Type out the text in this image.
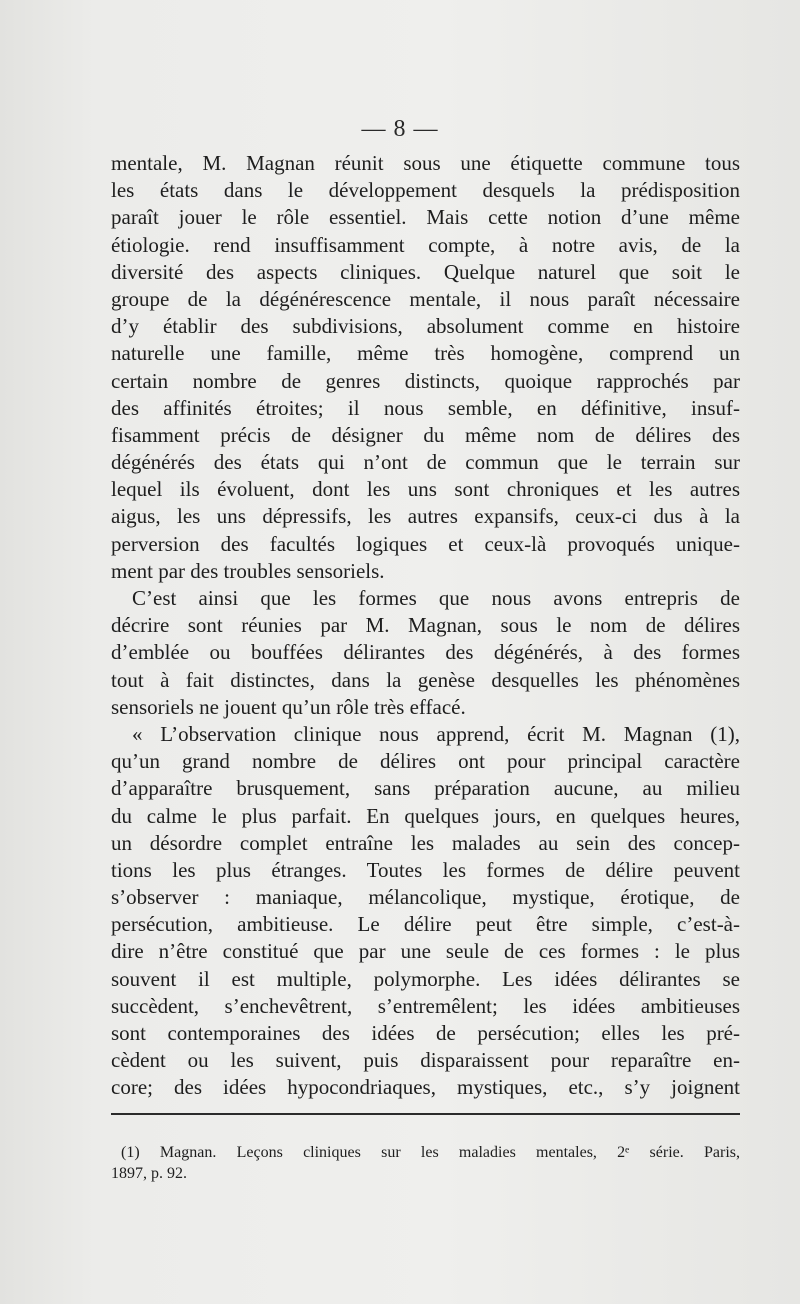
— 8 —
mentale, M. Magnan réunit sous une étiquette commune tous
les états dans le développement desquels la prédisposition
paraît jouer le rôle essentiel. Mais cette notion d’une même
étiologie. rend insuffisamment compte, à notre avis, de la
diversité des aspects cliniques. Quelque naturel que soit le
groupe de la dégénérescence mentale, il nous paraît nécessaire
d’y établir des subdivisions, absolument comme en histoire
naturelle une famille, même très homogène, comprend un
certain nombre de genres distincts, quoique rapprochés par
des affinités étroites; il nous semble, en définitive, insuf-
fisamment précis de désigner du même nom de délires des
dégénérés des états qui n’ont de commun que le terrain sur
lequel ils évoluent, dont les uns sont chroniques et les autres
aigus, les uns dépressifs, les autres expansifs, ceux-ci dus à la
perversion des facultés logiques et ceux-là provoqués unique-
ment par des troubles sensoriels.
C’est ainsi que les formes que nous avons entrepris de
décrire sont réunies par M. Magnan, sous le nom de délires
d’emblée ou bouffées délirantes des dégénérés, à des formes
tout à fait distinctes, dans la genèse desquelles les phénomènes
sensoriels ne jouent qu’un rôle très effacé.
« L’observation clinique nous apprend, écrit M. Magnan (1),
qu’un grand nombre de délires ont pour principal caractère
d’apparaître brusquement, sans préparation aucune, au milieu
du calme le plus parfait. En quelques jours, en quelques heures,
un désordre complet entraîne les malades au sein des concep-
tions les plus étranges. Toutes les formes de délire peuvent
s’observer : maniaque, mélancolique, mystique, érotique, de
persécution, ambitieuse. Le délire peut être simple, c’est-à-
dire n’être constitué que par une seule de ces formes : le plus
souvent il est multiple, polymorphe. Les idées délirantes se
succèdent, s’enchevêtrent, s’entremêlent; les idées ambitieuses
sont contemporaines des idées de persécution; elles les pré-
cèdent ou les suivent, puis disparaissent pour reparaître en-
core; des idées hypocondriaques, mystiques, etc., s’y joignent
(1) Magnan. Leçons cliniques sur les maladies mentales, 2ᵉ série. Paris,
1897, p. 92.
